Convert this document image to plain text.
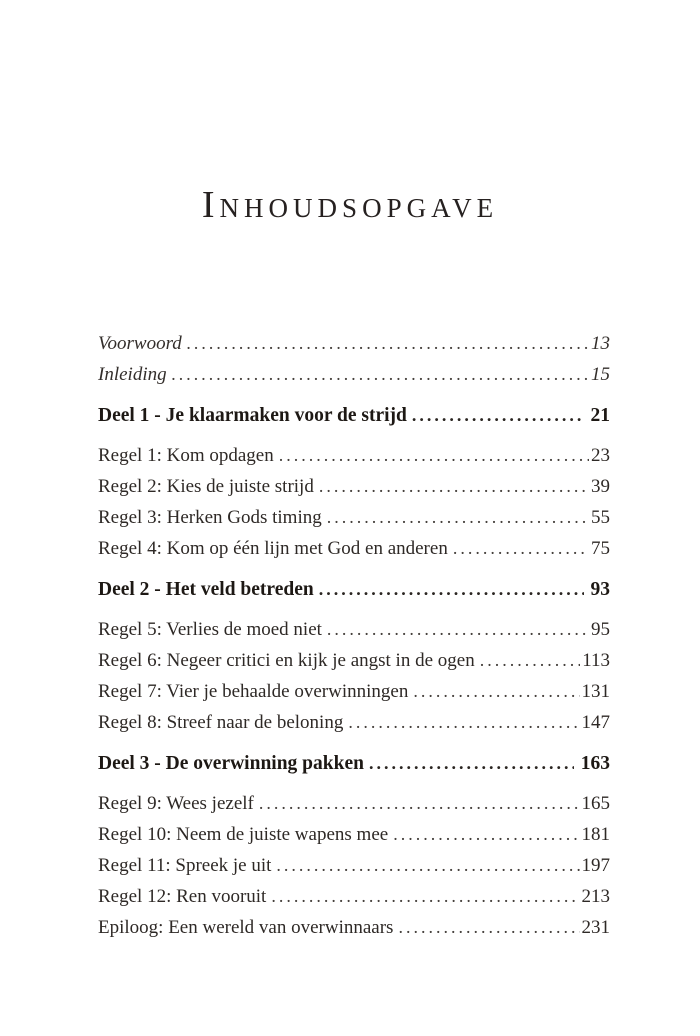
Inhoudsopgave
Voorwoord .....	13
Inleiding .....	15
Deel 1 - Je klaarmaken voor de strijd .....	21
Regel 1: Kom opdagen .....	23
Regel 2: Kies de juiste strijd .....	39
Regel 3: Herken Gods timing .....	55
Regel 4: Kom op één lijn met God en anderen .....	75
Deel 2 - Het veld betreden .....	93
Regel 5: Verlies de moed niet .....	95
Regel 6: Negeer critici en kijk je angst in de ogen .....	113
Regel 7: Vier je behaalde overwinningen .....	131
Regel 8: Streef naar de beloning .....	147
Deel 3 - De overwinning pakken .....	163
Regel 9: Wees jezelf .....	165
Regel 10: Neem de juiste wapens mee .....	181
Regel 11: Spreek je uit .....	197
Regel 12: Ren vooruit .....	213
Epiloog: Een wereld van overwinnaars .....	231
